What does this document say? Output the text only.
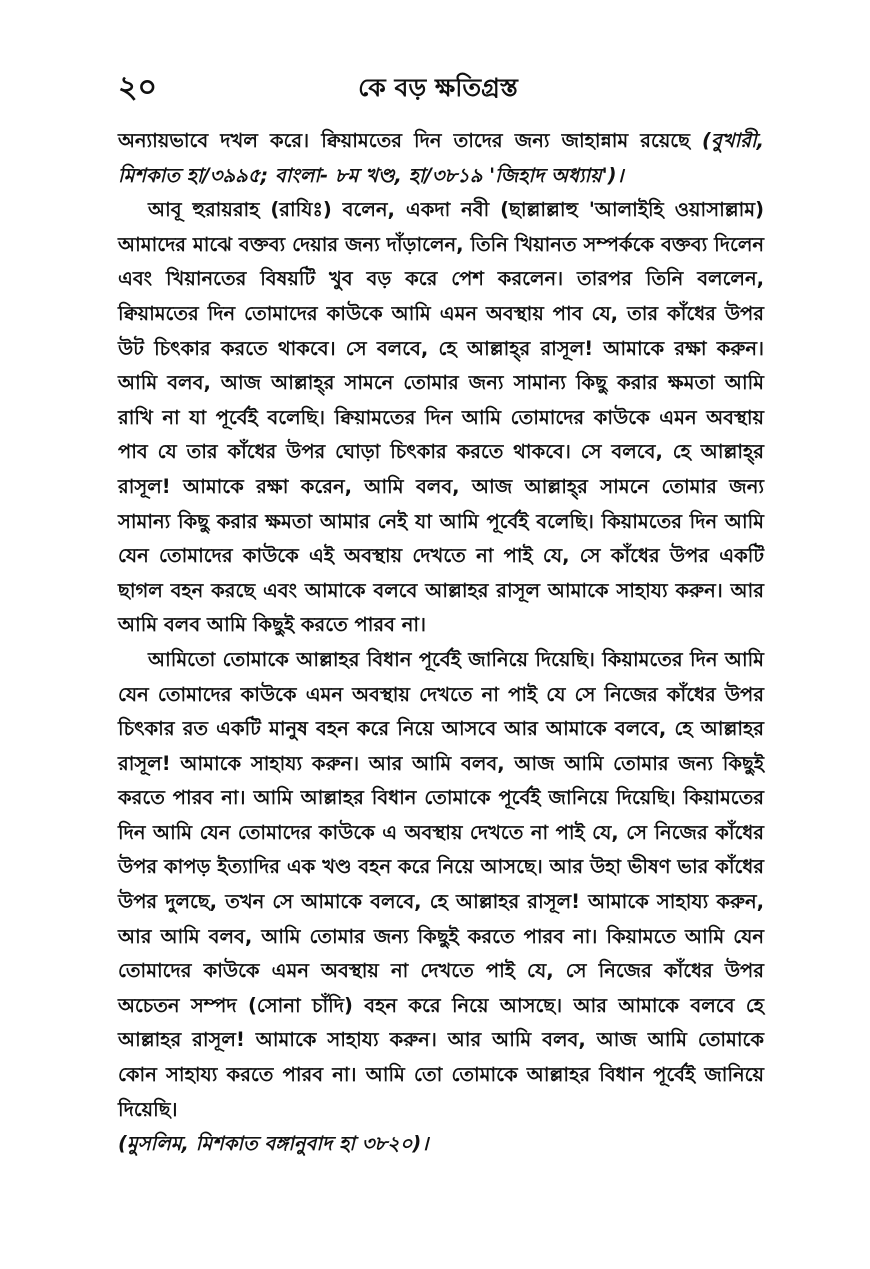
২০	কে বড় ক্ষতিগ্রস্ত

অন্যায়ভাবে দখল করে। ক্বিয়ামতের দিন তাদের জন্য জাহান্নাম রয়েছে (বুখারী, মিশকাত হা/৩৯৯৫; বাংলা- ৮ম খণ্ড, হা/৩৮১৯ 'জিহাদ অধ্যায়')।

আবূ হুরায়রাহ (রাযিঃ) বলেন, একদা নবী (ছাল্লাল্লাহু 'আলাইহি ওয়াসাল্লাম) আমাদের মাঝে বক্তব্য দেয়ার জন্য দাঁড়ালেন, তিনি খিয়ানত সম্পর্ককে বক্তব্য দিলেন এবং খিয়ানতের বিষয়টি খুব বড় করে পেশ করলেন। তারপর তিনি বললেন, ক্বিয়ামতের দিন তোমাদের কাউকে আমি এমন অবস্থায় পাব যে, তার কাঁধের উপর উট চিৎকার করতে থাকবে। সে বলবে, হে আল্লাহ্‌র রাসূল! আমাকে রক্ষা করুন। আমি বলব, আজ আল্লাহ্‌র সামনে তোমার জন্য সামান্য কিছু করার ক্ষমতা আমি রাখি না যা পূর্বেই বলেছি। ক্বিয়ামতের দিন আমি তোমাদের কাউকে এমন অবস্থায় পাব যে তার কাঁধের উপর ঘোড়া চিৎকার করতে থাকবে। সে বলবে, হে আল্লাহ্‌র রাসূল! আমাকে রক্ষা করেন, আমি বলব, আজ আল্লাহ্‌র সামনে তোমার জন্য সামান্য কিছু করার ক্ষমতা আমার নেই যা আমি পূর্বেই বলেছি। কিয়ামতের দিন আমি যেন তোমাদের কাউকে এই অবস্থায় দেখতে না পাই যে, সে কাঁধের উপর একটি ছাগল বহন করছে এবং আমাকে বলবে আল্লাহর রাসূল আমাকে সাহায্য করুন। আর আমি বলব আমি কিছুই করতে পারব না।

আমিতো তোমাকে আল্লাহর বিধান পূর্বেই জানিয়ে দিয়েছি। কিয়ামতের দিন আমি যেন তোমাদের কাউকে এমন অবস্থায় দেখতে না পাই যে সে নিজের কাঁধের উপর চিৎকার রত একটি মানুষ বহন করে নিয়ে আসবে আর আমাকে বলবে, হে আল্লাহর রাসূল! আমাকে সাহায্য করুন। আর আমি বলব, আজ আমি তোমার জন্য কিছুই করতে পারব না। আমি আল্লাহর বিধান তোমাকে পূর্বেই জানিয়ে দিয়েছি। কিয়ামতের দিন আমি যেন তোমাদের কাউকে এ অবস্থায় দেখতে না পাই যে, সে নিজের কাঁধের উপর কাপড় ইত্যাদির এক খণ্ড বহন করে নিয়ে আসছে। আর উহা ভীষণ ভার কাঁধের উপর দুলছে, তখন সে আমাকে বলবে, হে আল্লাহর রাসূল! আমাকে সাহায্য করুন, আর আমি বলব, আমি তোমার জন্য কিছুই করতে পারব না। কিয়ামতে আমি যেন তোমাদের কাউকে এমন অবস্থায় না দেখতে পাই যে, সে নিজের কাঁধের উপর অচেতন সম্পদ (সোনা চাঁদি) বহন করে নিয়ে আসছে। আর আমাকে বলবে হে আল্লাহর রাসূল! আমাকে সাহায্য করুন। আর আমি বলব, আজ আমি তোমাকে কোন সাহায্য করতে পারব না। আমি তো তোমাকে আল্লাহর বিধান পূর্বেই জানিয়ে দিয়েছি।
(মুসলিম, মিশকাত বঙ্গানুবাদ হা ৩৮২০)।
